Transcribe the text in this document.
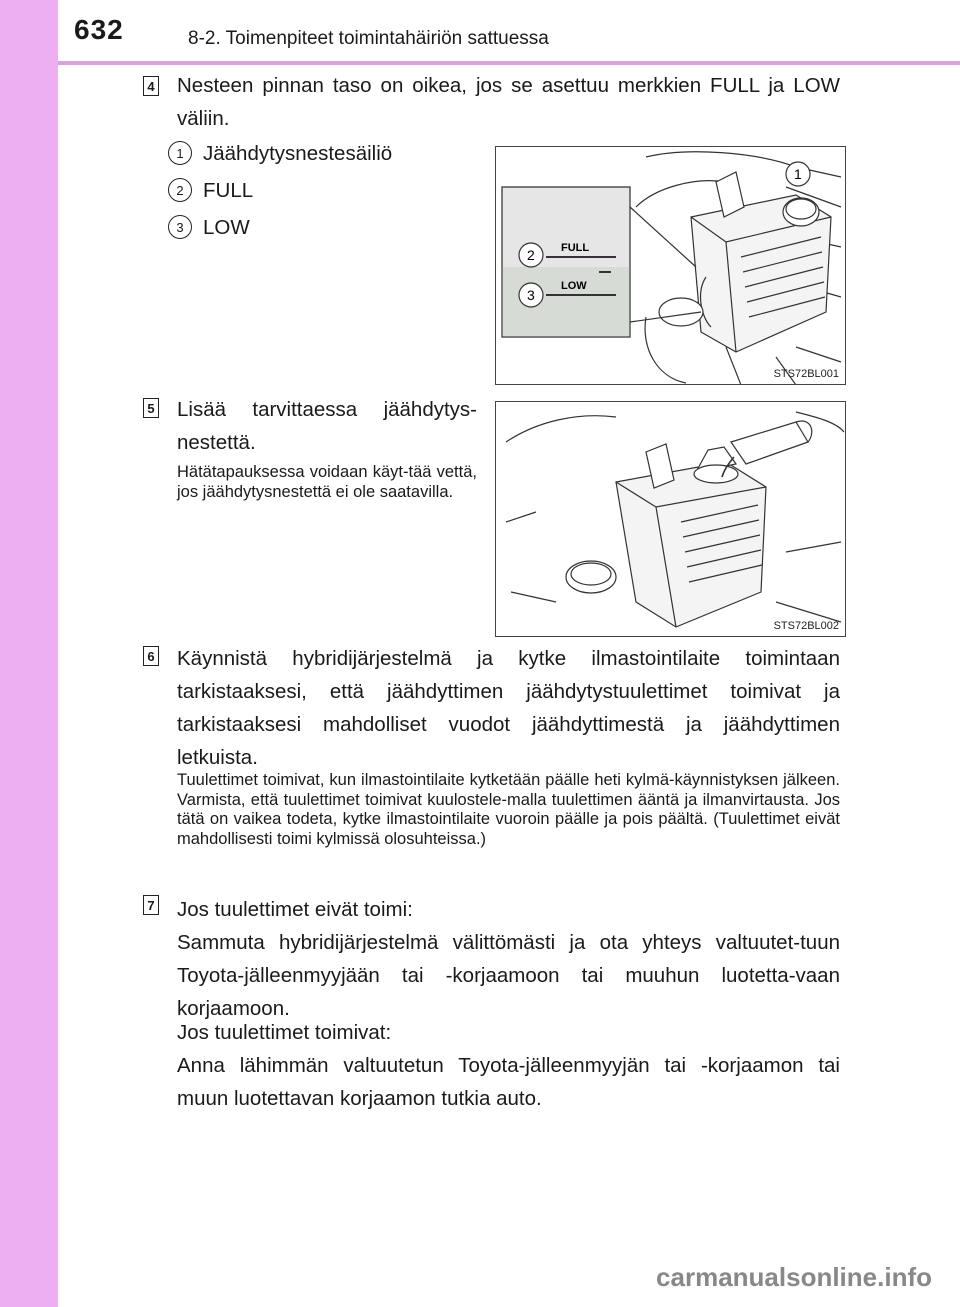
632	8-2. Toimenpiteet toimintahäiriön sattuessa
4 Nesteen pinnan taso on oikea, jos se asettuu merkkien FULL ja LOW väliin.
1 Jäähdytysnestesäiliö
2 FULL
3 LOW
FULL
LOW
1
2
3
STS72BL001
5 Lisää tarvittaessa jäähdytys-nestettä.
Hätätapauksessa voidaan käyt-tää vettä, jos jäähdytysnestettä ei ole saatavilla.
STS72BL002
6 Käynnistä hybridijärjestelmä ja kytke ilmastointilaite toimintaan tarkistaaksesi, että jäähdyttimen jäähdytystuulettimet toimivat ja tarkistaaksesi mahdolliset vuodot jäähdyttimestä ja jäähdyttimen letkuista.
Tuulettimet toimivat, kun ilmastointilaite kytketään päälle heti kylmä-käynnistyksen jälkeen. Varmista, että tuulettimet toimivat kuulostele-malla tuulettimen ääntä ja ilmanvirtausta. Jos tätä on vaikea todeta, kytke ilmastointilaite vuoroin päälle ja pois päältä. (Tuulettimet eivät mahdollisesti toimi kylmissä olosuhteissa.)
7 Jos tuulettimet eivät toimi:
Sammuta hybridijärjestelmä välittömästi ja ota yhteys valtuutet-tuun Toyota-jälleenmyyjään tai -korjaamoon tai muuhun luotetta-vaan korjaamoon.
Jos tuulettimet toimivat:
Anna lähimmän valtuutetun Toyota-jälleenmyyjän tai -korjaamon tai muun luotettavan korjaamon tutkia auto.
carmanualsonline.info
